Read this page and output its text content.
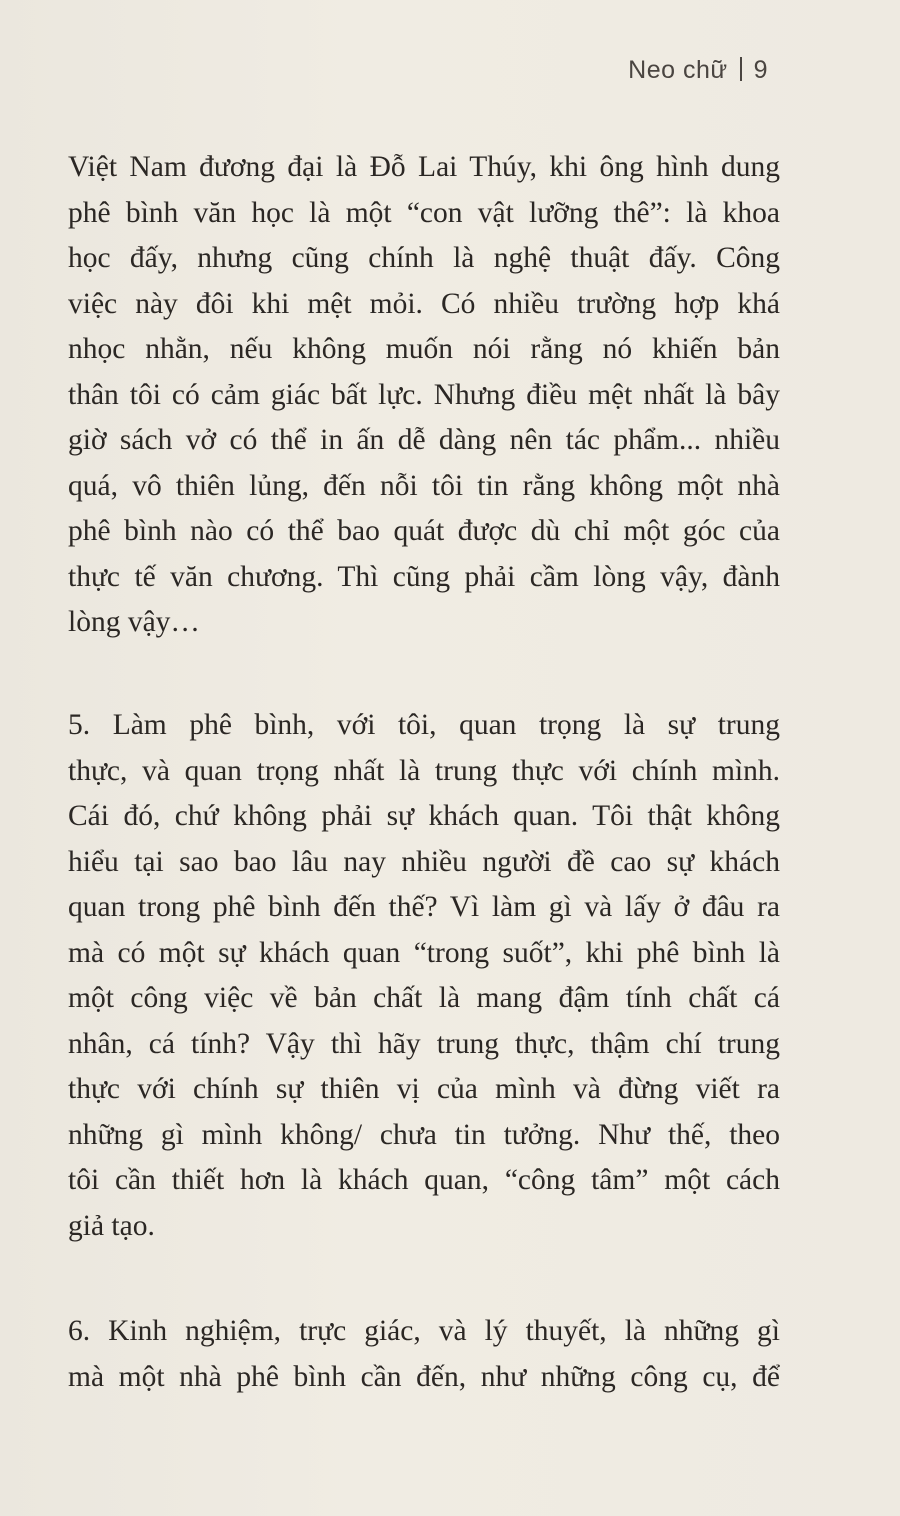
Neo chữ 9
Việt Nam đương đại là Đỗ Lai Thúy, khi ông hình dung
phê bình văn học là một “con vật lưỡng thê”: là khoa
học đấy, nhưng cũng chính là nghệ thuật đấy. Công
việc này đôi khi mệt mỏi. Có nhiều trường hợp khá
nhọc nhằn, nếu không muốn nói rằng nó khiến bản
thân tôi có cảm giác bất lực. Nhưng điều mệt nhất là bây
giờ sách vở có thể in ấn dễ dàng nên tác phẩm... nhiều
quá, vô thiên lủng, đến nỗi tôi tin rằng không một nhà
phê bình nào có thể bao quát được dù chỉ một góc của
thực tế văn chương. Thì cũng phải cầm lòng vậy, đành
lòng vậy…
5. Làm phê bình, với tôi, quan trọng là sự trung
thực, và quan trọng nhất là trung thực với chính mình.
Cái đó, chứ không phải sự khách quan. Tôi thật không
hiểu tại sao bao lâu nay nhiều người đề cao sự khách
quan trong phê bình đến thế? Vì làm gì và lấy ở đâu ra
mà có một sự khách quan “trong suốt”, khi phê bình là
một công việc về bản chất là mang đậm tính chất cá
nhân, cá tính? Vậy thì hãy trung thực, thậm chí trung
thực với chính sự thiên vị của mình và đừng viết ra
những gì mình không/ chưa tin tưởng. Như thế, theo
tôi cần thiết hơn là khách quan, “công tâm” một cách
giả tạo.
6. Kinh nghiệm, trực giác, và lý thuyết, là những gì
mà một nhà phê bình cần đến, như những công cụ, để
